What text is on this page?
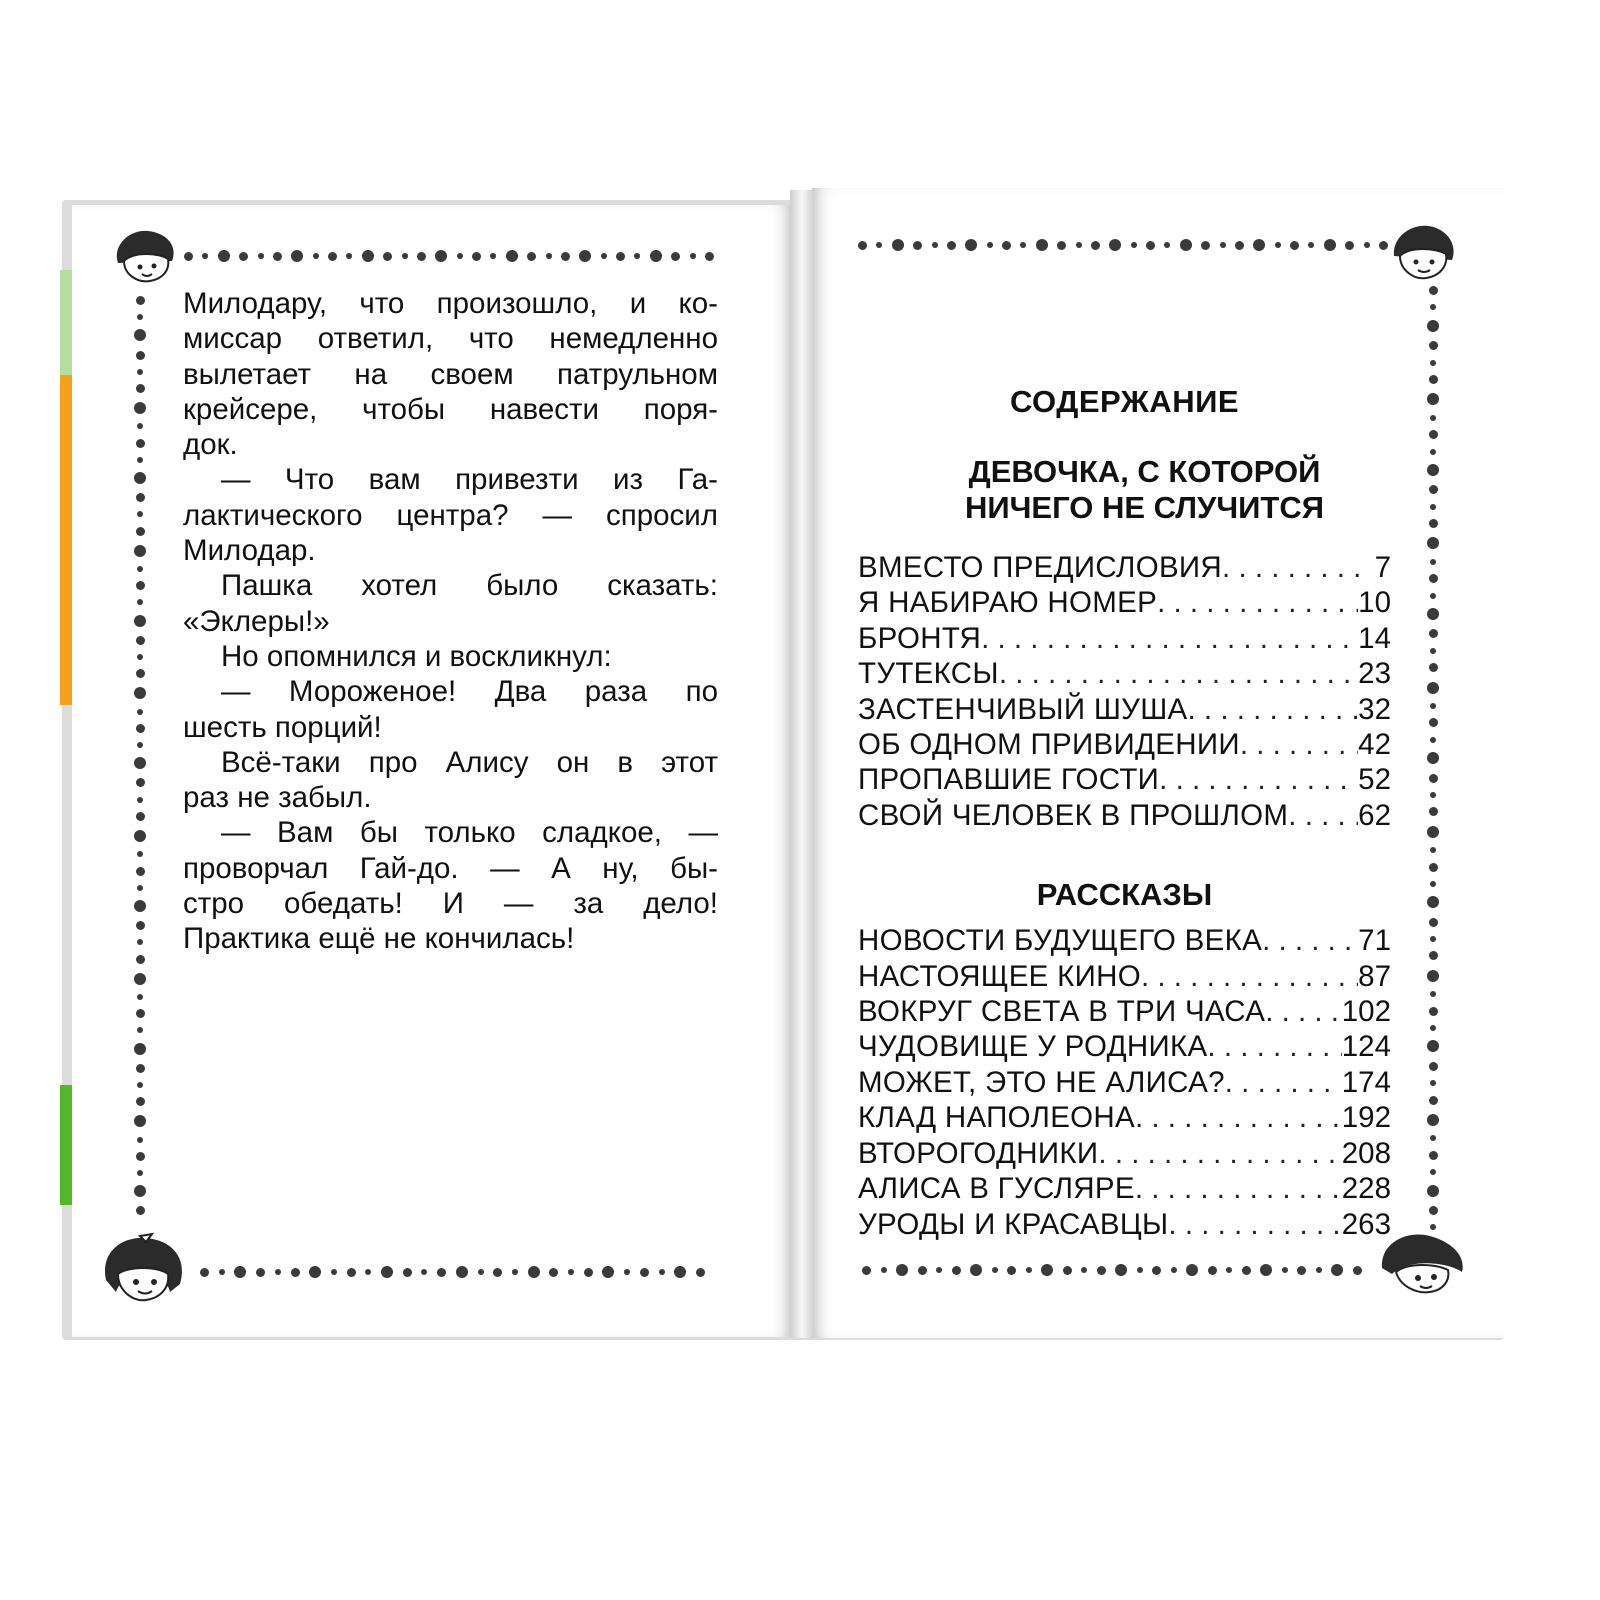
Милодару, что произошло, и ко-
миссар ответил, что немедленно
вылетает на своем патрульном
крейсере, чтобы навести поря-
док.
— Что вам привезти из Га-
лактического центра? — спросил
Милодар.
Пашка хотел было сказать:
«Эклеры!»
Но опомнился и воскликнул:
— Мороженое! Два раза по
шесть порций!
Всё-таки про Алису он в этот
раз не забыл.
— Вам бы только сладкое, —
проворчал Гай-до. — А ну, бы-
стро обедать! И — за дело!
Практика ещё не кончилась!
СОДЕРЖАНИЕ
ДЕВОЧКА, С КОТОРОЙ
НИЧЕГО НЕ СЛУЧИТСЯ
ВМЕСТО ПРЕДИСЛОВИЯ . . .	7
Я НАБИРАЮ НОМЕР . . .	10
БРОНТЯ . . .	14
ТУТЕКСЫ . . .	23
ЗАСТЕНЧИВЫЙ ШУША . . .	32
ОБ ОДНОМ ПРИВИДЕНИИ . . .	42
ПРОПАВШИЕ ГОСТИ . . .	52
СВОЙ ЧЕЛОВЕК В ПРОШЛОМ . . . 62
РАССКАЗЫ
НОВОСТИ БУДУЩЕГО ВЕКА . . .	71
НАСТОЯЩЕЕ КИНО . . .	87
ВОКРУГ СВЕТА В ТРИ ЧАСА . . .	102
ЧУДОВИЩЕ У РОДНИКА . . .	124
МОЖЕТ, ЭТО НЕ АЛИСА? . . .	174
КЛАД НАПОЛЕОНА . . .	192
ВТОРОГОДНИКИ . . .	208
АЛИСА В ГУСЛЯРЕ . . .	228
УРОДЫ И КРАСАВЦЫ . . .	263
